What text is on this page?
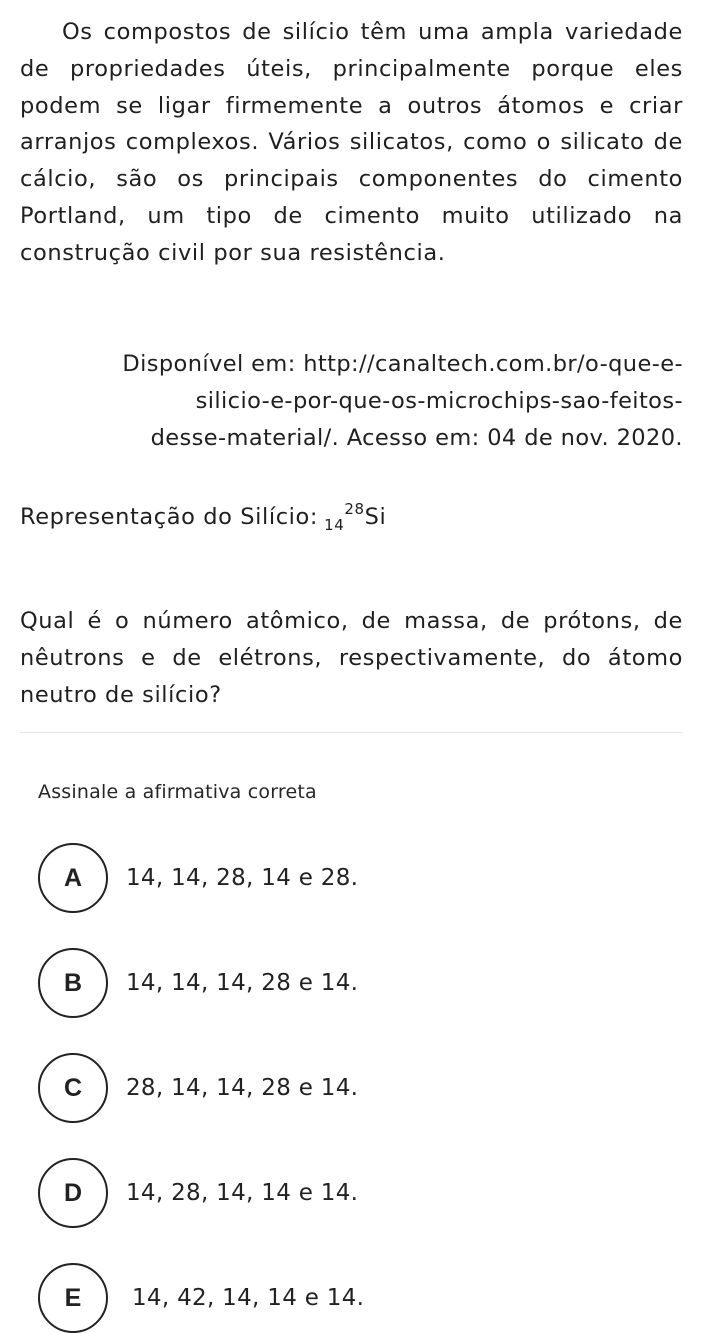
Os compostos de silício têm uma ampla variedade de propriedades úteis, principalmente porque eles podem se ligar firmemente a outros átomos e criar arranjos complexos. Vários silicatos, como o silicato de cálcio, são os principais componentes do cimento Portland, um tipo de cimento muito utilizado na construção civil por sua resistência.

Disponível em: http://canaltech.com.br/o-que-e-
silicio-e-por-que-os-microchips-sao-feitos-
desse-material/. Acesso em: 04 de nov. 2020.

Representação do Silício: $_{14}^{28}$Si

Qual é o número atômico, de massa, de prótons, de nêutrons e de elétrons, respectivamente, do átomo neutro de silício?

Assinale a afirmativa correta

A	14, 14, 28, 14 e 28.
B	14, 14, 14, 28 e 14.
C	28, 14, 14, 28 e 14.
D	14, 28, 14, 14 e 14.
E	14, 42, 14, 14 e 14.
